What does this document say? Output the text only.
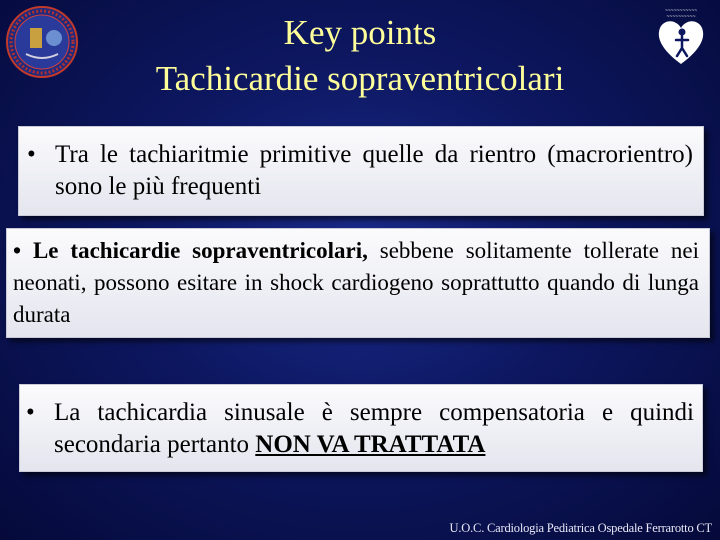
~~~~~~~~~~~
~~~~~~~~~~
Key points
Tachicardie sopraventricolari
• Tra le tachiaritmie primitive quelle da rientro (macrorientro) sono le più frequenti
• Le tachicardie sopraventricolari, sebbene solitamente tollerate nei neonati, possono esitare in shock cardiogeno soprattutto quando di lunga durata
• La tachicardia sinusale è sempre compensatoria e quindi secondaria pertanto NON VA TRATTATA
U.O.C. Cardiologia Pediatrica Ospedale Ferrarotto CT
